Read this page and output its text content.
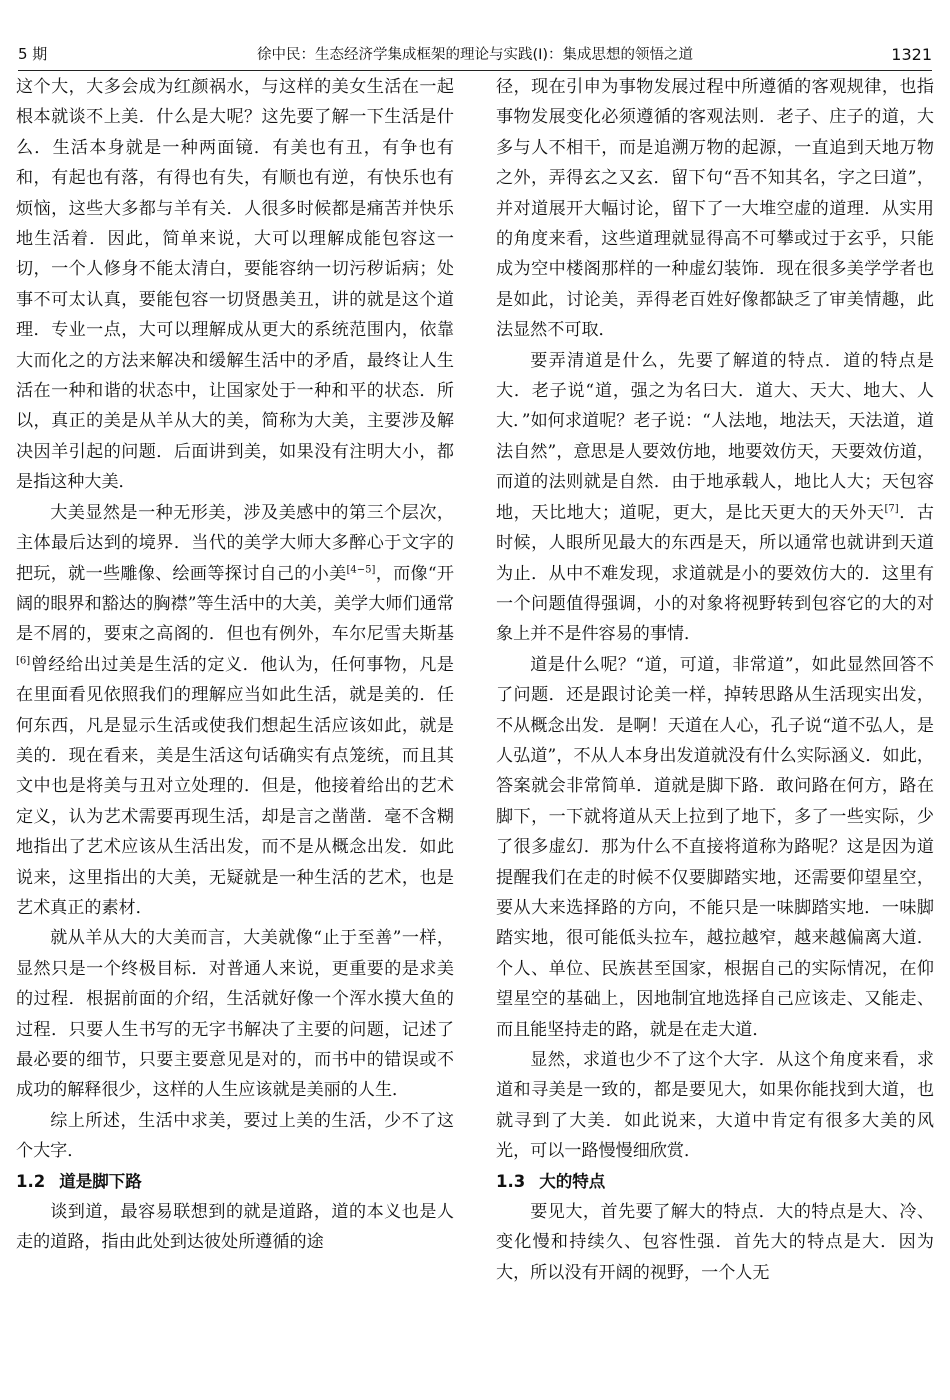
5 期	徐中民：生态经济学集成框架的理论与实践(Ⅰ)：集成思想的领悟之道	1321

这个大，大多会成为红颜祸水，与这样的美女生活在一起根本就谈不上美．什么是大呢？这先要了解一下生活是什么．生活本身就是一种两面镜．有美也有丑，有争也有和，有起也有落，有得也有失，有顺也有逆，有快乐也有烦恼，这些大多都与羊有关．人很多时候都是痛苦并快乐地生活着．因此，简单来说，大可以理解成能包容这一切，一个人修身不能太清白，要能容纳一切污秽诟病；处事不可太认真，要能包容一切贤愚美丑，讲的就是这个道理．专业一点，大可以理解成从更大的系统范围内，依靠大而化之的方法来解决和缓解生活中的矛盾，最终让人生活在一种和谐的状态中，让国家处于一种和平的状态．所以，真正的美是从羊从大的美，简称为大美，主要涉及解决因羊引起的问题．后面讲到美，如果没有注明大小，都是指这种大美．

大美显然是一种无形美，涉及美感中的第三个层次，主体最后达到的境界．当代的美学大师大多醉心于文字的把玩，就一些雕像、绘画等探讨自己的小美[4−5]，而像“开阔的眼界和豁达的胸襟”等生活中的大美，美学大师们通常是不屑的，要束之高阁的．但也有例外，车尔尼雪夫斯基[6]曾经给出过美是生活的定义．他认为，任何事物，凡是在里面看见依照我们的理解应当如此生活，就是美的．任何东西，凡是显示生活或使我们想起生活应该如此，就是美的．现在看来，美是生活这句话确实有点笼统，而且其文中也是将美与丑对立处理的．但是，他接着给出的艺术定义，认为艺术需要再现生活，却是言之凿凿．毫不含糊地指出了艺术应该从生活出发，而不是从概念出发．如此说来，这里指出的大美，无疑就是一种生活的艺术，也是艺术真正的素材．

就从羊从大的大美而言，大美就像“止于至善”一样，显然只是一个终极目标．对普通人来说，更重要的是求美的过程．根据前面的介绍，生活就好像一个浑水摸大鱼的过程．只要人生书写的无字书解决了主要的问题，记述了最必要的细节，只要主要意见是对的，而书中的错误或不成功的解释很少，这样的人生应该就是美丽的人生．

综上所述，生活中求美，要过上美的生活，少不了这个大字．

1.2 道是脚下路

谈到道，最容易联想到的就是道路，道的本义也是人走的道路，指由此处到达彼处所遵循的途

径，现在引申为事物发展过程中所遵循的客观规律，也指事物发展变化必须遵循的客观法则．老子、庄子的道，大多与人不相干，而是追溯万物的起源，一直追到天地万物之外，弄得玄之又玄．留下句“吾不知其名，字之曰道”，并对道展开大幅讨论，留下了一大堆空虚的道理．从实用的角度来看，这些道理就显得高不可攀或过于玄乎，只能成为空中楼阁那样的一种虚幻装饰．现在很多美学学者也是如此，讨论美，弄得老百姓好像都缺乏了审美情趣，此法显然不可取．

要弄清道是什么，先要了解道的特点．道的特点是大．老子说“道，强之为名曰大．道大、天大、地大、人大．”如何求道呢？老子说：“人法地，地法天，天法道，道法自然”，意思是人要效仿地，地要效仿天，天要效仿道，而道的法则就是自然．由于地承载人，地比人大；天包容地，天比地大；道呢，更大，是比天更大的天外天[7]．古时候，人眼所见最大的东西是天，所以通常也就讲到天道为止．从中不难发现，求道就是小的要效仿大的．这里有一个问题值得强调，小的对象将视野转到包容它的大的对象上并不是件容易的事情．

道是什么呢？“道，可道，非常道”，如此显然回答不了问题．还是跟讨论美一样，掉转思路从生活现实出发，不从概念出发．是啊！天道在人心，孔子说“道不弘人，是人弘道”，不从人本身出发道就没有什么实际涵义．如此，答案就会非常简单．道就是脚下路．敢问路在何方，路在脚下，一下就将道从天上拉到了地下，多了一些实际，少了很多虚幻．那为什么不直接将道称为路呢？这是因为道提醒我们在走的时候不仅要脚踏实地，还需要仰望星空，要从大来选择路的方向，不能只是一味脚踏实地．一味脚踏实地，很可能低头拉车，越拉越窄，越来越偏离大道．个人、单位、民族甚至国家，根据自己的实际情况，在仰望星空的基础上，因地制宜地选择自己应该走、又能走、而且能坚持走的路，就是在走大道．

显然，求道也少不了这个大字．从这个角度来看，求道和寻美是一致的，都是要见大，如果你能找到大道，也就寻到了大美．如此说来，大道中肯定有很多大美的风光，可以一路慢慢细欣赏．

1.3 大的特点

要见大，首先要了解大的特点．大的特点是大、冷、变化慢和持续久、包容性强．首先大的特点是大．因为大，所以没有开阔的视野，一个人无
